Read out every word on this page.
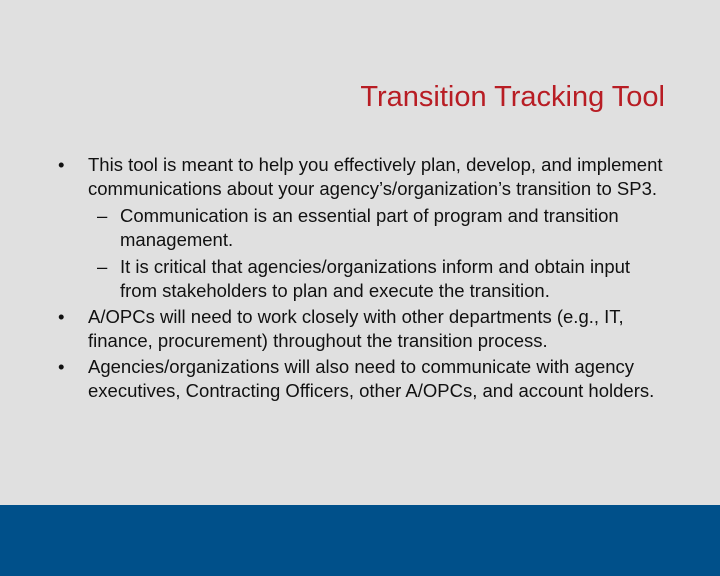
Transition Tracking Tool
• This tool is meant to help you effectively plan, develop, and implement communications about your agency’s/organization’s transition to SP3.
– Communication is an essential part of program and transition management.
– It is critical that agencies/organizations inform and obtain input from stakeholders to plan and execute the transition.
• A/OPCs will need to work closely with other departments (e.g., IT, finance, procurement) throughout the transition process.
• Agencies/organizations will also need to communicate with agency executives, Contracting Officers, other A/OPCs, and account holders.
